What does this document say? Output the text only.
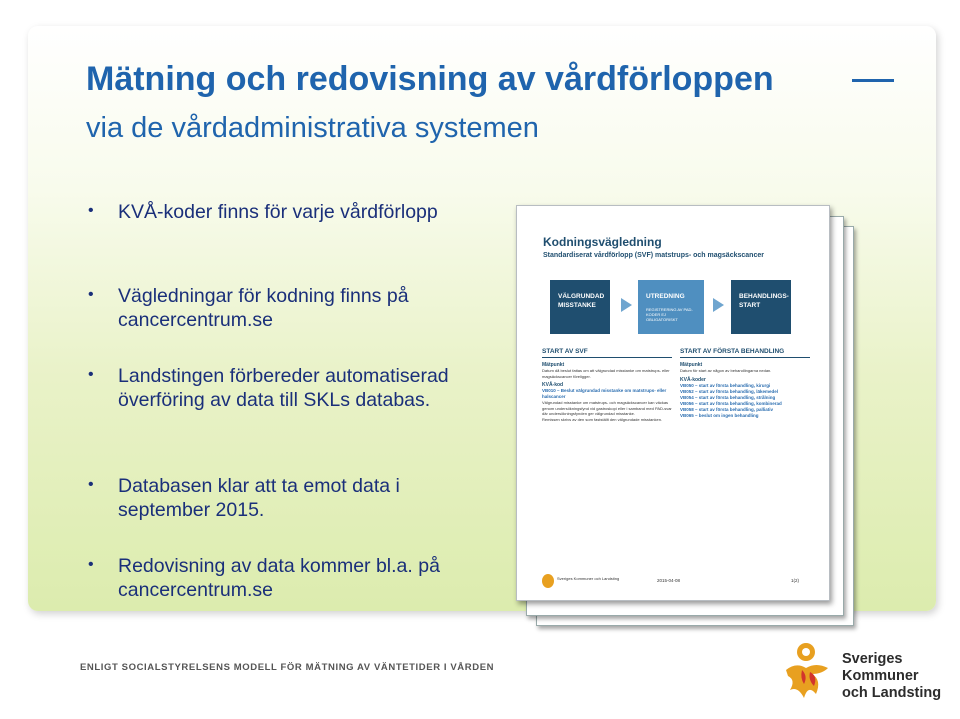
Mätning och redovisning av vårdförloppen
via de vårdadministrativa systemen
• KVÅ-koder finns för varje vårdförlopp
• Vägledningar för kodning finns på cancercentrum.se
• Landstingen förbereder automatiserad överföring av data till SKLs databas.
• Databasen klar att ta emot data i september 2015.
• Redovisning av data kommer bl.a. på cancercentrum.se
Kodningsvägledning
Standardiserat vårdförlopp (SVF) matstrups- och magsäckscancer
VÄLGRUNDAD MISSTANKE
UTREDNING
REGISTRERING AV PAD-KODER EJ OBLIGATORISKT
BEHANDLINGS-START
START AV SVF
Mätpunkt
Datum då beslut fattas om att välgrundad misstanke om matstrups- eller magsäckscancer föreligger.
KVÅ-kod
VB010 – Beslut välgrundad misstanke om matstrups- eller halscancer
Välgrundad misstanke om matstrups- och magsäckscancer kan väckas genom undersökningsfynd vid gastroskopi eller i samband med PAD-svar där undersökningsfynden ger välgrundad misstanke.
Remissen skrivs av den som fastställt den välgrundade misstanken.
START AV FÖRSTA BEHANDLING
Mätpunkt
Datum för start av någon av behandlingarna nedan.
KVÅ-koder
VB050 – start av första behandling, kirurgi
VB052 – start av första behandling, läkemedel
VB054 – start av första behandling, strålning
VB056 – start av första behandling, kombinerad
VB058 – start av första behandling, palliativ
VB065 – beslut om ingen behandling
Sveriges Kommuner och Landsting	2015-04-08	1(2)
ENLIGT SOCIALSTYRELSENS MODELL FÖR MÄTNING AV VÄNTETIDER I VÅRDEN
Sveriges
Kommuner
och Landsting
